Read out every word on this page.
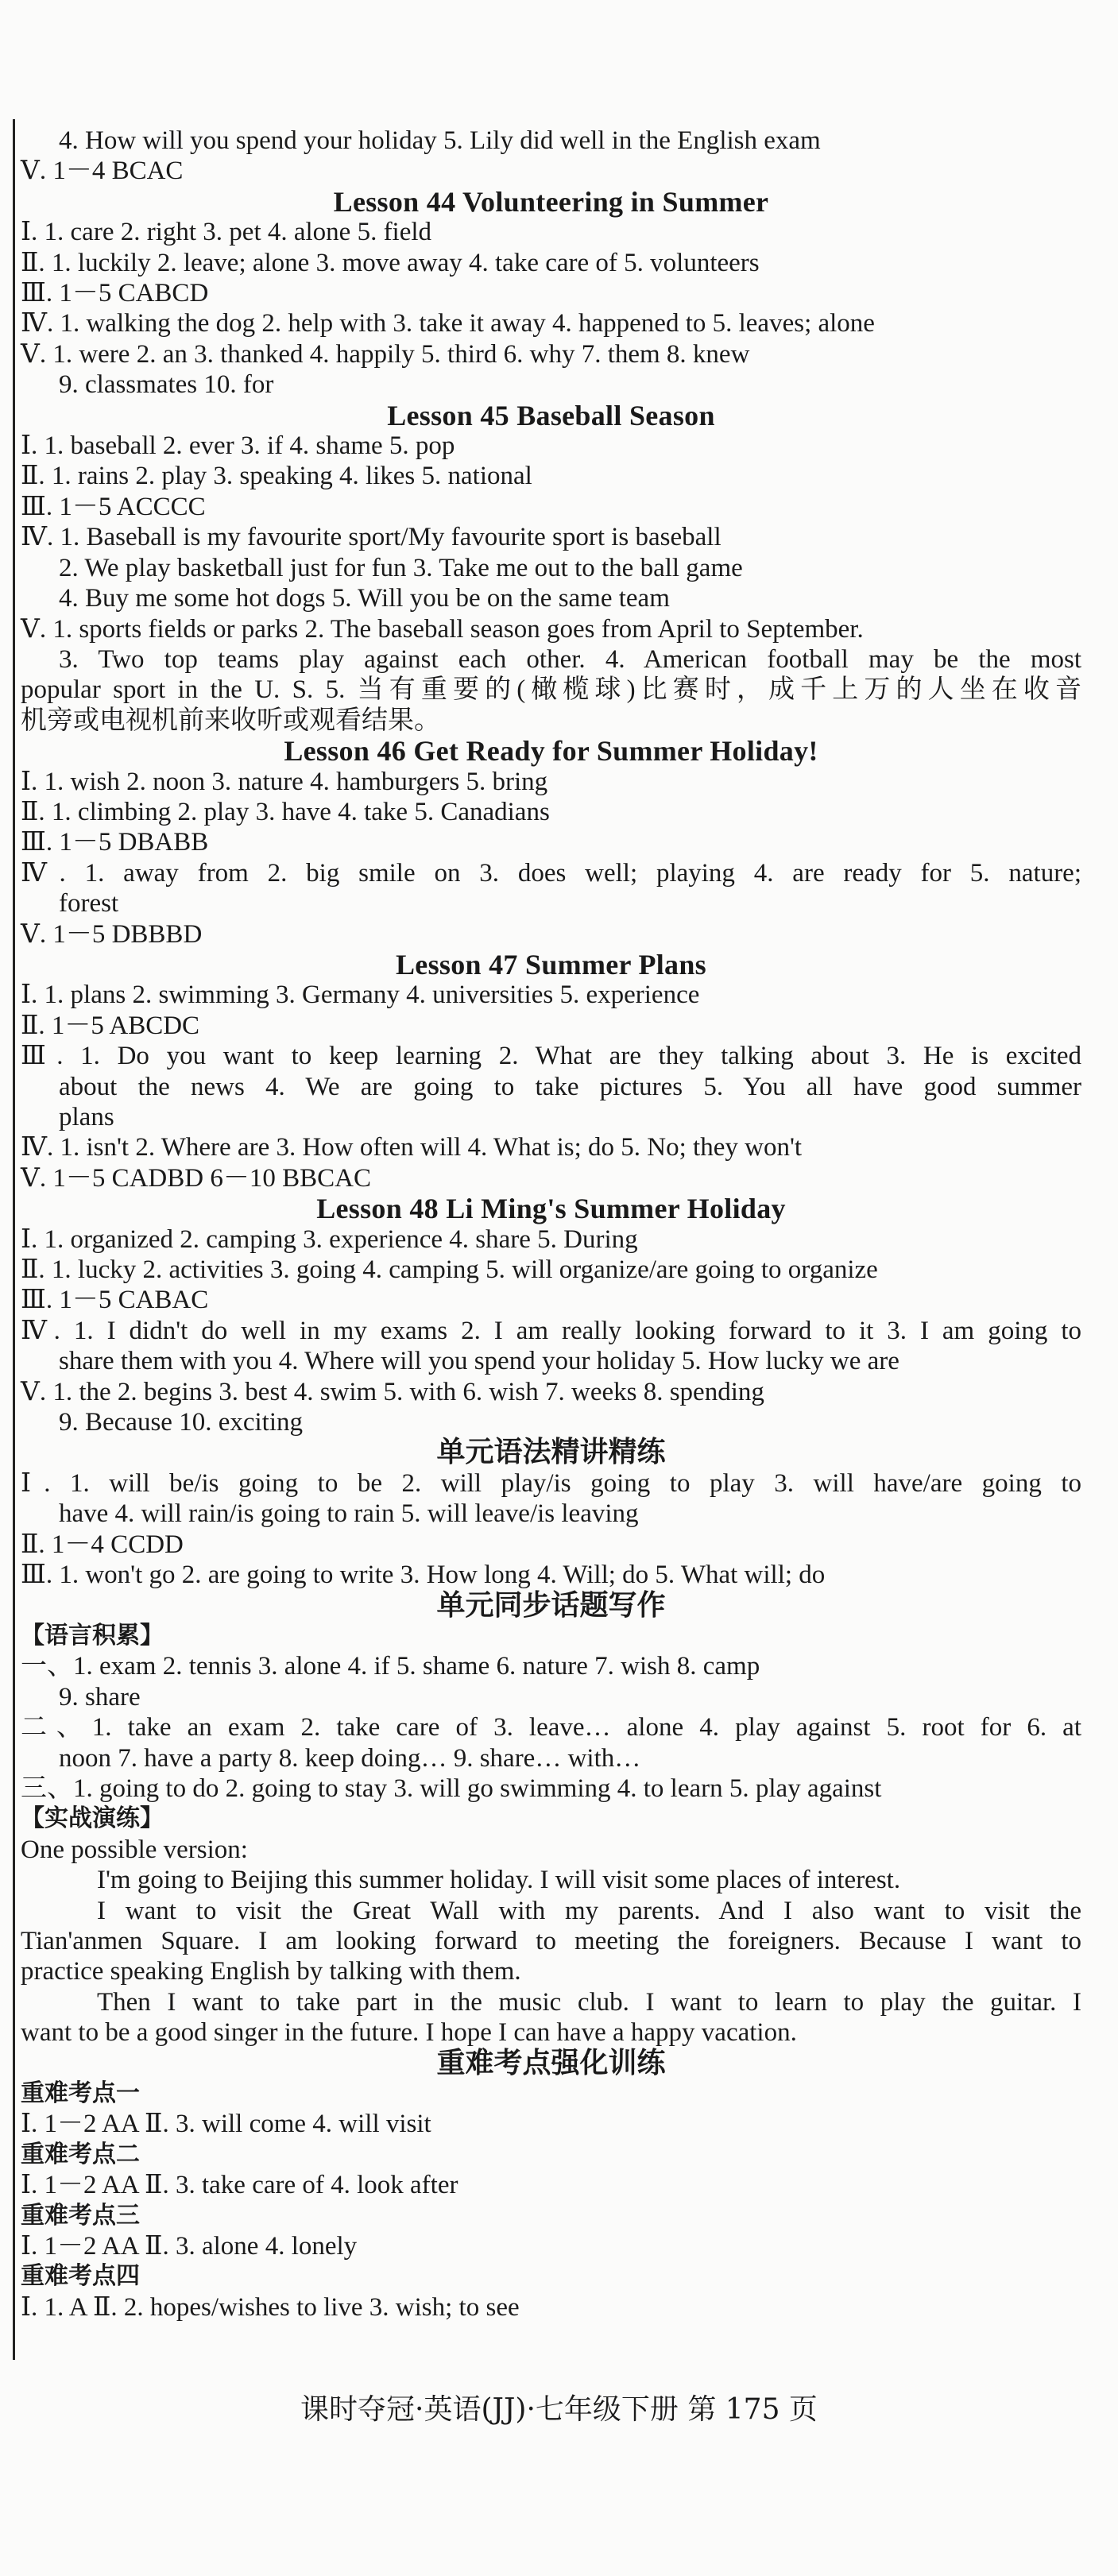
4. How will you spend your holiday 5. Lily did well in the English exam
Ⅴ. 1－4 BCAC
Lesson 44 Volunteering in Summer
Ⅰ. 1. care 2. right 3. pet 4. alone 5. field
Ⅱ. 1. luckily 2. leave; alone 3. move away 4. take care of 5. volunteers
Ⅲ. 1－5 CABCD
Ⅳ. 1. walking the dog 2. help with 3. take it away 4. happened to 5. leaves; alone
Ⅴ. 1. were 2. an 3. thanked 4. happily 5. third 6. why 7. them 8. knew
9. classmates 10. for
Lesson 45 Baseball Season
Ⅰ. 1. baseball 2. ever 3. if 4. shame 5. pop
Ⅱ. 1. rains 2. play 3. speaking 4. likes 5. national
Ⅲ. 1－5 ACCCC
Ⅳ. 1. Baseball is my favourite sport/My favourite sport is baseball
2. We play basketball just for fun 3. Take me out to the ball game
4. Buy me some hot dogs 5. Will you be on the same team
Ⅴ. 1. sports fields or parks 2. The baseball season goes from April to September.
3. Two top teams play against each other. 4. American football may be the most
popular sport in the U. S. 5. 当有重要的(橄榄球)比赛时，成千上万的人坐在收音
机旁或电视机前来收听或观看结果。
Lesson 46 Get Ready for Summer Holiday!
Ⅰ. 1. wish 2. noon 3. nature 4. hamburgers 5. bring
Ⅱ. 1. climbing 2. play 3. have 4. take 5. Canadians
Ⅲ. 1－5 DBABB
Ⅳ. 1. away from 2. big smile on 3. does well; playing 4. are ready for 5. nature;
forest
Ⅴ. 1－5 DBBBD
Lesson 47 Summer Plans
Ⅰ. 1. plans 2. swimming 3. Germany 4. universities 5. experience
Ⅱ. 1－5 ABCDC
Ⅲ. 1. Do you want to keep learning 2. What are they talking about 3. He is excited
about the news 4. We are going to take pictures 5. You all have good summer
plans
Ⅳ. 1. isn't 2. Where are 3. How often will 4. What is; do 5. No; they won't
Ⅴ. 1－5 CADBD 6－10 BBCAC
Lesson 48 Li Ming's Summer Holiday
Ⅰ. 1. organized 2. camping 3. experience 4. share 5. During
Ⅱ. 1. lucky 2. activities 3. going 4. camping 5. will organize/are going to organize
Ⅲ. 1－5 CABAC
Ⅳ. 1. I didn't do well in my exams 2. I am really looking forward to it 3. I am going to
share them with you 4. Where will you spend your holiday 5. How lucky we are
Ⅴ. 1. the 2. begins 3. best 4. swim 5. with 6. wish 7. weeks 8. spending
9. Because 10. exciting
单元语法精讲精练
Ⅰ. 1. will be/is going to be 2. will play/is going to play 3. will have/are going to
have 4. will rain/is going to rain 5. will leave/is leaving
Ⅱ. 1－4 CCDD
Ⅲ. 1. won't go 2. are going to write 3. How long 4. Will; do 5. What will; do
单元同步话题写作
【语言积累】
一、1. exam 2. tennis 3. alone 4. if 5. shame 6. nature 7. wish 8. camp
9. share
二、1. take an exam 2. take care of 3. leave… alone 4. play against 5. root for 6. at
noon 7. have a party 8. keep doing… 9. share… with…
三、1. going to do 2. going to stay 3. will go swimming 4. to learn 5. play against
【实战演练】
One possible version:
I'm going to Beijing this summer holiday. I will visit some places of interest.
I want to visit the Great Wall with my parents. And I also want to visit the
Tian'anmen Square. I am looking forward to meeting the foreigners. Because I want to
practice speaking English by talking with them.
Then I want to take part in the music club. I want to learn to play the guitar. I
want to be a good singer in the future. I hope I can have a happy vacation.
重难考点强化训练
重难考点一
Ⅰ. 1－2 AA Ⅱ. 3. will come 4. will visit
重难考点二
Ⅰ. 1－2 AA Ⅱ. 3. take care of 4. look after
重难考点三
Ⅰ. 1－2 AA Ⅱ. 3. alone 4. lonely
重难考点四
Ⅰ. 1. A Ⅱ. 2. hopes/wishes to live 3. wish; to see
课时夺冠·英语(JJ)·七年级下册 第 175 页
